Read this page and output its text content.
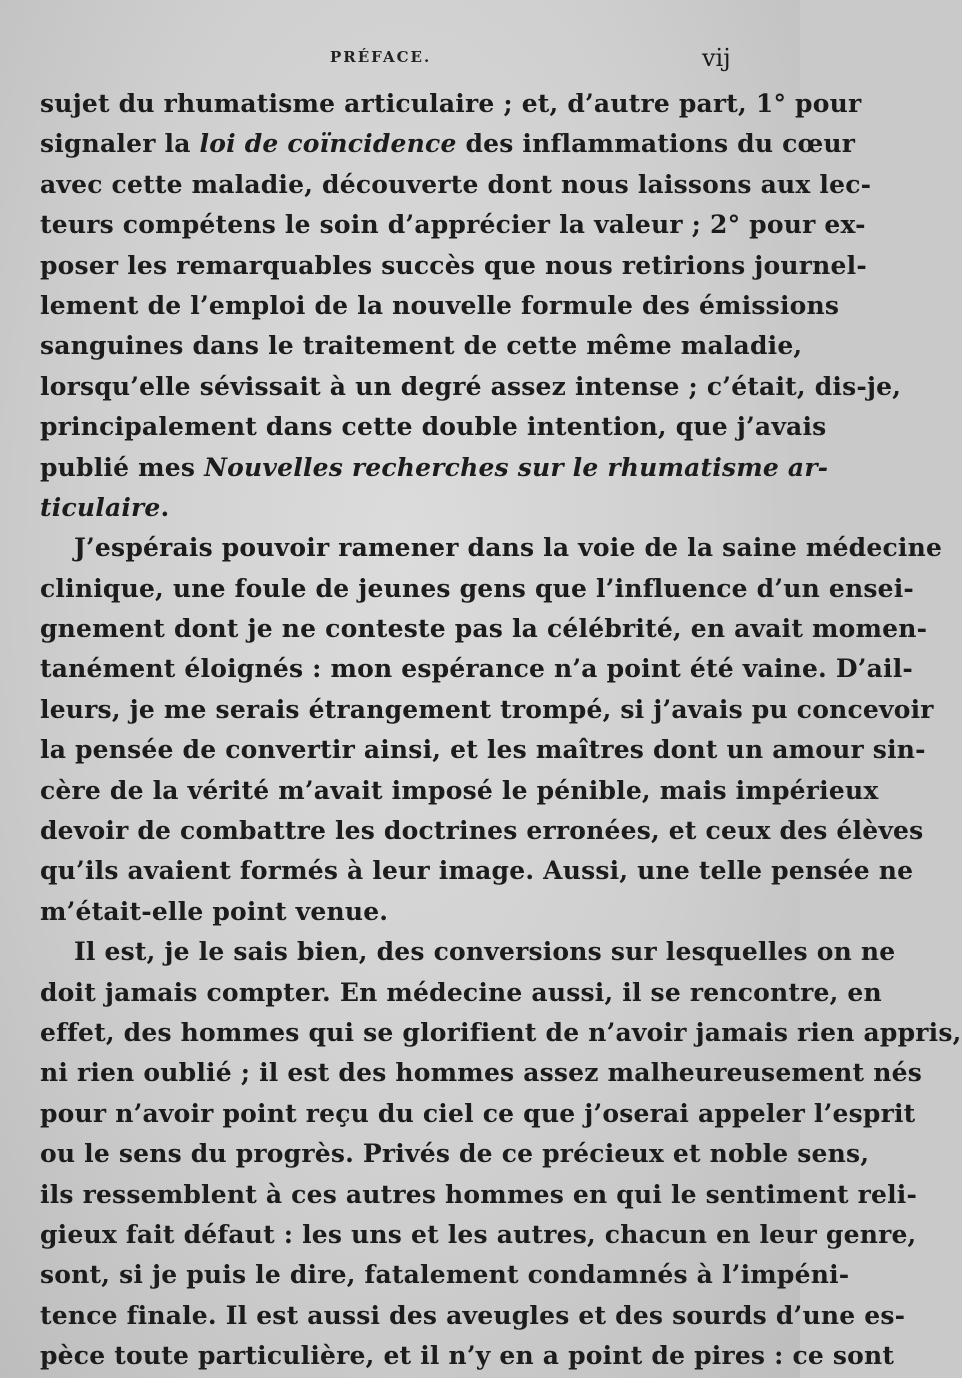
PRÉFACE.	vij
sujet du rhumatisme articulaire ; et, d’autre part, 1° pour
signaler la loi de coïncidence des inflammations du cœur
avec cette maladie, découverte dont nous laissons aux lec-
teurs compétens le soin d’apprécier la valeur ; 2° pour ex-
poser les remarquables succès que nous retirions journel-
lement de l’emploi de la nouvelle formule des émissions
sanguines dans le traitement de cette même maladie,
lorsqu’elle sévissait à un degré assez intense ; c’était, dis-je,
principalement dans cette double intention, que j’avais
publié mes Nouvelles recherches sur le rhumatisme ar-
ticulaire.
J’espérais pouvoir ramener dans la voie de la saine médecine
clinique, une foule de jeunes gens que l’influence d’un ensei-
gnement dont je ne conteste pas la célébrité, en avait momen-
tanément éloignés : mon espérance n’a point été vaine. D’ail-
leurs, je me serais étrangement trompé, si j’avais pu concevoir
la pensée de convertir ainsi, et les maîtres dont un amour sin-
cère de la vérité m’avait imposé le pénible, mais impérieux
devoir de combattre les doctrines erronées, et ceux des élèves
qu’ils avaient formés à leur image. Aussi, une telle pensée ne
m’était-elle point venue.
Il est, je le sais bien, des conversions sur lesquelles on ne
doit jamais compter. En médecine aussi, il se rencontre, en
effet, des hommes qui se glorifient de n’avoir jamais rien appris,
ni rien oublié ; il est des hommes assez malheureusement nés
pour n’avoir point reçu du ciel ce que j’oserai appeler l’esprit
ou le sens du progrès. Privés de ce précieux et noble sens,
ils ressemblent à ces autres hommes en qui le sentiment reli-
gieux fait défaut : les uns et les autres, chacun en leur genre,
sont, si je puis le dire, fatalement condamnés à l’impéni-
tence finale. Il est aussi des aveugles et des sourds d’une es-
pèce toute particulière, et il n’y en a point de pires : ce sont
